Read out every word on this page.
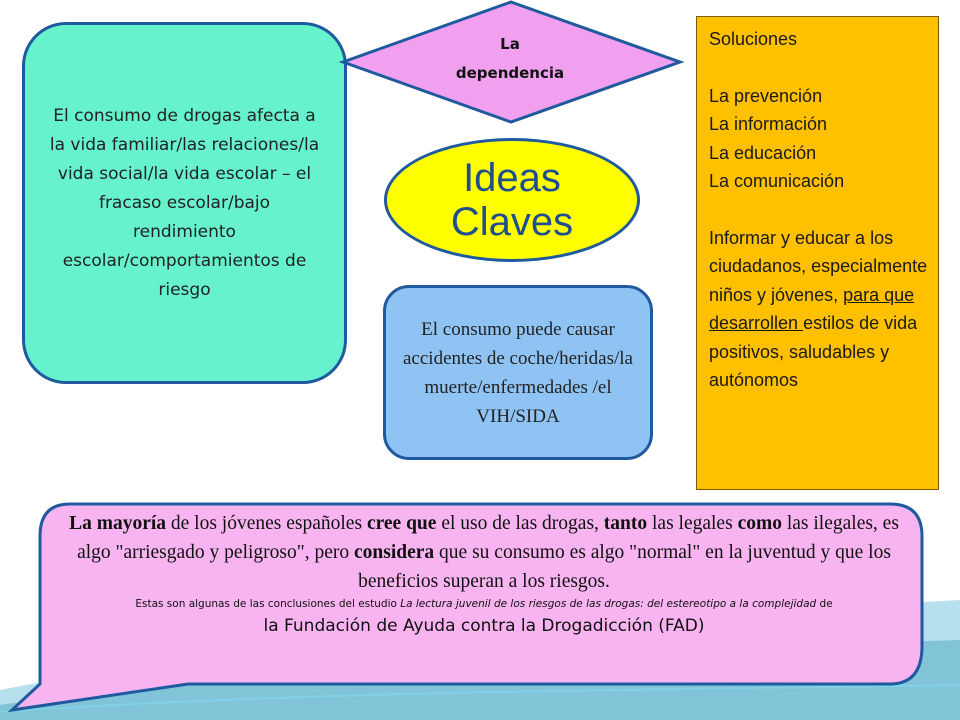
El consumo de drogas afecta a la vida familiar/las relaciones/la vida social/la vida escolar – el fracaso escolar/bajo rendimiento escolar/comportamientos de riesgo

La
dependencia
Ideas
Claves

El consumo puede causar accidentes de coche/heridas/la muerte/enfermedades /el VIH/SIDA

Soluciones
La prevención
La información
La educación
La comunicación
Informar y educar a los ciudadanos, especialmente niños y jóvenes, para que desarrollen estilos de vida positivos, saludables y autónomos

La mayoría de los jóvenes españoles cree que el uso de las drogas, tanto las legales como las ilegales, es algo "arriesgado y peligroso", pero considera que su consumo es algo "normal" en la juventud y que los beneficios superan a los riesgos.

Estas son algunas de las conclusiones del estudio La lectura juvenil de los riesgos de las drogas: del estereotipo a la complejidad de

la Fundación de Ayuda contra la Drogadicción (FAD)
